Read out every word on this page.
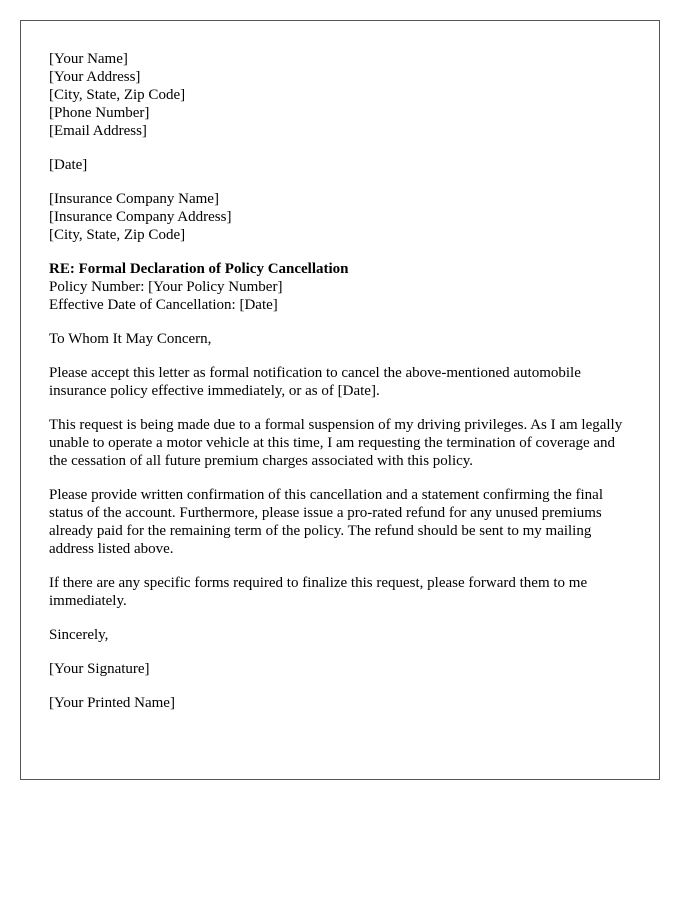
[Your Name]
[Your Address]
[City, State, Zip Code]
[Phone Number]
[Email Address]
[Date]
[Insurance Company Name]
[Insurance Company Address]
[City, State, Zip Code]
RE: Formal Declaration of Policy Cancellation
Policy Number: [Your Policy Number]
Effective Date of Cancellation: [Date]

To Whom It May Concern,

Please accept this letter as formal notification to cancel the above-mentioned automobile insurance policy effective immediately, or as of [Date].

This request is being made due to a formal suspension of my driving privileges. As I am legally unable to operate a motor vehicle at this time, I am requesting the termination of coverage and the cessation of all future premium charges associated with this policy.

Please provide written confirmation of this cancellation and a statement confirming the final status of the account. Furthermore, please issue a pro-rated refund for any unused premiums already paid for the remaining term of the policy. The refund should be sent to my mailing address listed above.

If there are any specific forms required to finalize this request, please forward them to me immediately.

Sincerely,

[Your Signature]

[Your Printed Name]
